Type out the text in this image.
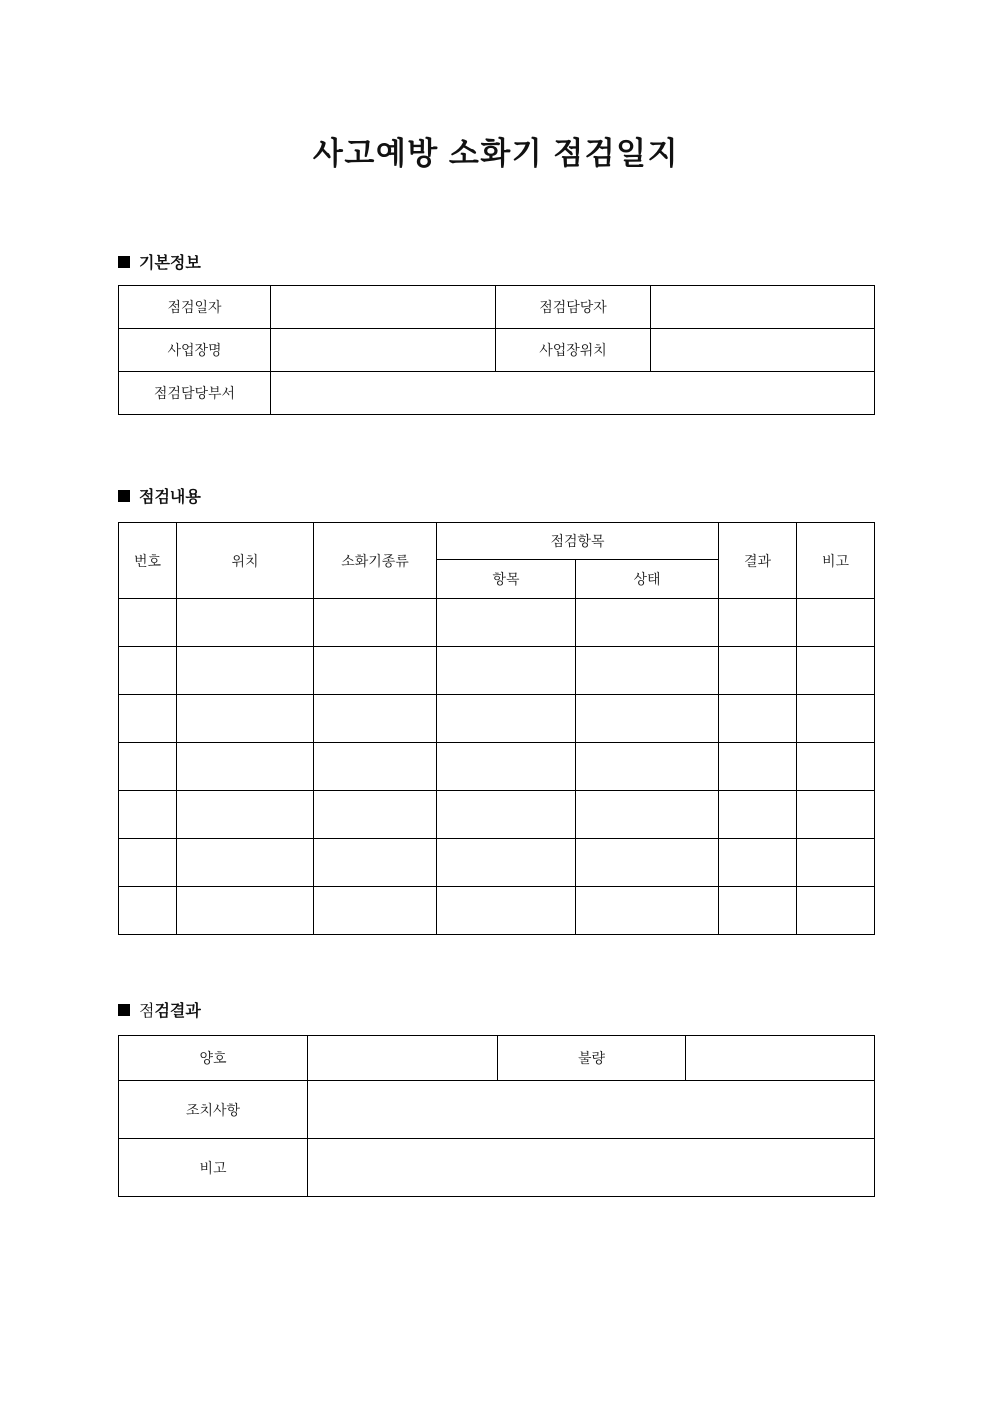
사고예방 소화기 점검일지
기본정보
점검일자		점검담당자	
사업장명		사업장위치	
점검담당부서			
점검내용
번호	위치	소화기종류	점검항목		결과	비고
			항목	상태		

점 검결과
양호		불량	
조치사항			
비고			
